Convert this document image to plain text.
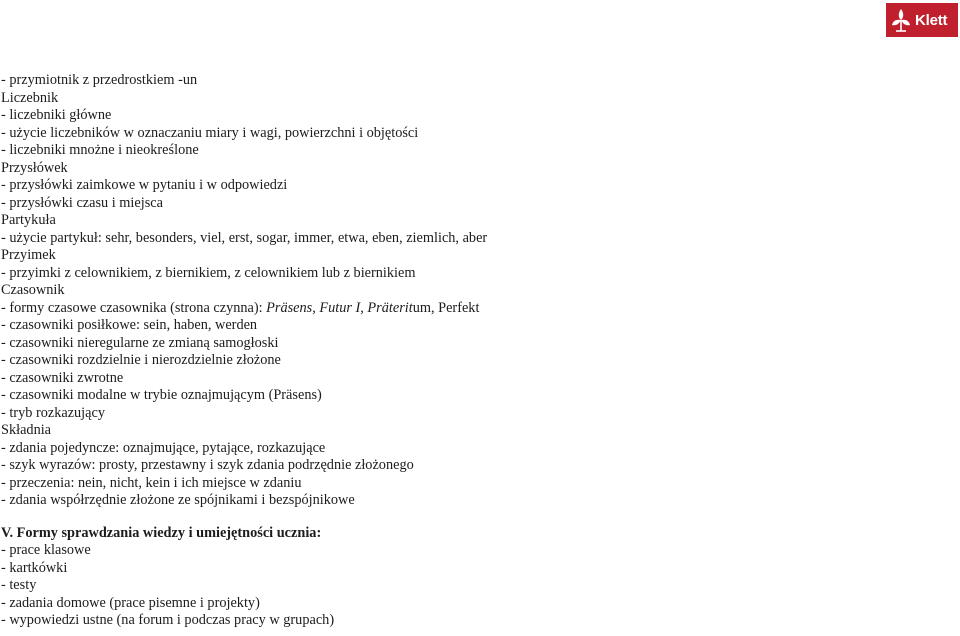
Klett
- przymiotnik z przedrostkiem -un
Liczebnik
- liczebniki główne
- użycie liczebników w oznaczaniu miary i wagi, powierzchni i objętości
- liczebniki mnożne i nieokreślone
Przysłówek
- przysłówki zaimkowe w pytaniu i w odpowiedzi
- przysłówki czasu i miejsca
Partykuła
- użycie partykuł: sehr, besonders, viel, erst, sogar, immer, etwa, eben, ziemlich, aber
Przyimek
- przyimki z celownikiem, z biernikiem, z celownikiem lub z biernikiem
Czasownik
- formy czasowe czasownika (strona czynna): Präsens, Futur I, Präteritum, Perfekt
- czasowniki posiłkowe: sein, haben, werden
- czasowniki nieregularne ze zmianą samogłoski
- czasowniki rozdzielnie i nierozdzielnie złożone
- czasowniki zwrotne
- czasowniki modalne w trybie oznajmującym (Präsens)
- tryb rozkazujący
Składnia
- zdania pojedyncze: oznajmujące, pytające, rozkazujące
- szyk wyrazów: prosty, przestawny i szyk zdania podrzędnie złożonego
- przeczenia: nein, nicht, kein i ich miejsce w zdaniu
- zdania współrzędnie złożone ze spójnikami i bezspójnikowe
V. Formy sprawdzania wiedzy i umiejętności ucznia:
- prace klasowe
- kartkówki
- testy
- zadania domowe (prace pisemne i projekty)
- wypowiedzi ustne (na forum i podczas pracy w grupach)
